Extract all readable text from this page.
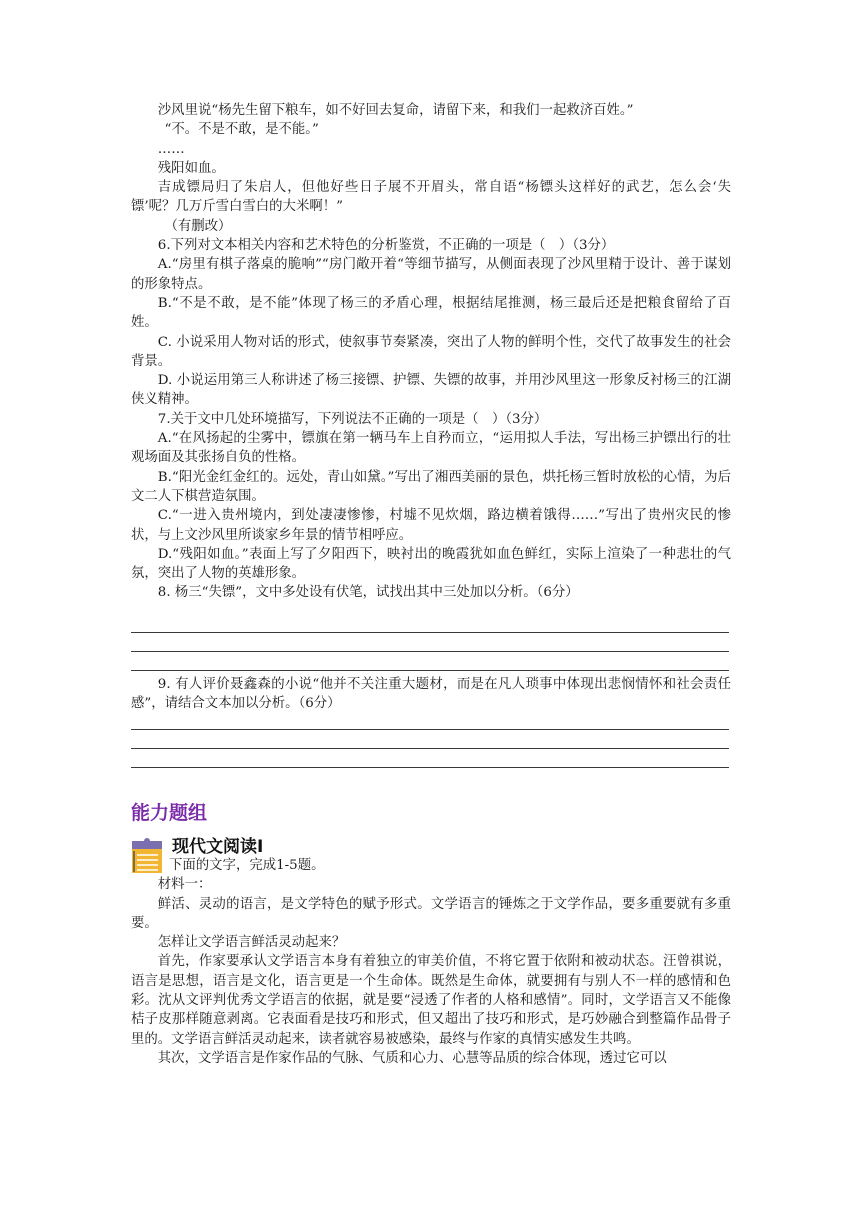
沙风里说“杨先生留下粮车，如不好回去复命，请留下来，和我们一起救济百姓。”

“不。不是不敢，是不能。”

……

残阳如血。

吉成镖局归了朱启人，但他好些日子展不开眉头，常自语“杨镖头这样好的武艺，怎么会‘失镖’呢？几万斤雪白雪白的大米啊！”

（有删改）

6.下列对文本相关内容和艺术特色的分析鉴赏，不正确的一项是（　）（3分）

A.“房里有棋子落桌的脆响”“房门敞开着“等细节描写，从侧面表现了沙风里精于设计、善于谋划的形象特点。

B.“不是不敢，是不能”体现了杨三的矛盾心理，根据结尾推测，杨三最后还是把粮食留给了百姓。

C. 小说采用人物对话的形式，使叙事节奏紧凑，突出了人物的鲜明个性，交代了故事发生的社会背景。

D. 小说运用第三人称讲述了杨三接镖、护镖、失镖的故事，并用沙风里这一形象反衬杨三的江湖侠义精神。

7.关于文中几处环境描写，下列说法不正确的一项是（　）（3分）

A.“在风扬起的尘雾中，镖旗在第一辆马车上自矜而立，“运用拟人手法，写出杨三护镖出行的壮观场面及其张扬自负的性格。

B.“阳光金红金红的。远处，青山如黛。”写出了湘西美丽的景色，烘托杨三暂时放松的心情，为后文二人下棋营造氛围。

C.“一进入贵州境内，到处凄凄惨惨，村墟不见炊烟，路边横着饿得……”写出了贵州灾民的惨状，与上文沙风里所谈家乡年景的情节相呼应。

D.“残阳如血。”表面上写了夕阳西下，映衬出的晚霞犹如血色鲜红，实际上渲染了一种悲壮的气氛，突出了人物的英雄形象。

8. 杨三“失镖”，文中多处设有伏笔，试找出其中三处加以分析。（6分）

9. 有人评价聂鑫森的小说“他并不关注重大题材，而是在凡人琐事中体现出悲悯情怀和社会责任感”，请结合文本加以分析。（6分）

能力题组
现代文阅读Ⅰ

下面的文字，完成1-5题。

材料一：

鲜活、灵动的语言，是文学特色的赋予形式。文学语言的锤炼之于文学作品，要多重要就有多重要。

怎样让文学语言鲜活灵动起来？

首先，作家要承认文学语言本身有着独立的审美价值，不将它置于依附和被动状态。汪曾祺说，语言是思想，语言是文化，语言更是一个生命体。既然是生命体，就要拥有与别人不一样的感情和色彩。沈从文评判优秀文学语言的依据，就是要“浸透了作者的人格和感情”。同时，文学语言又不能像桔子皮那样随意剥离。它表面看是技巧和形式，但又超出了技巧和形式，是巧妙融合到整篇作品骨子里的。文学语言鲜活灵动起来，读者就容易被感染，最终与作家的真情实感发生共鸣。

其次，文学语言是作家作品的气脉、气质和心力、心慧等品质的综合体现，透过它可以
